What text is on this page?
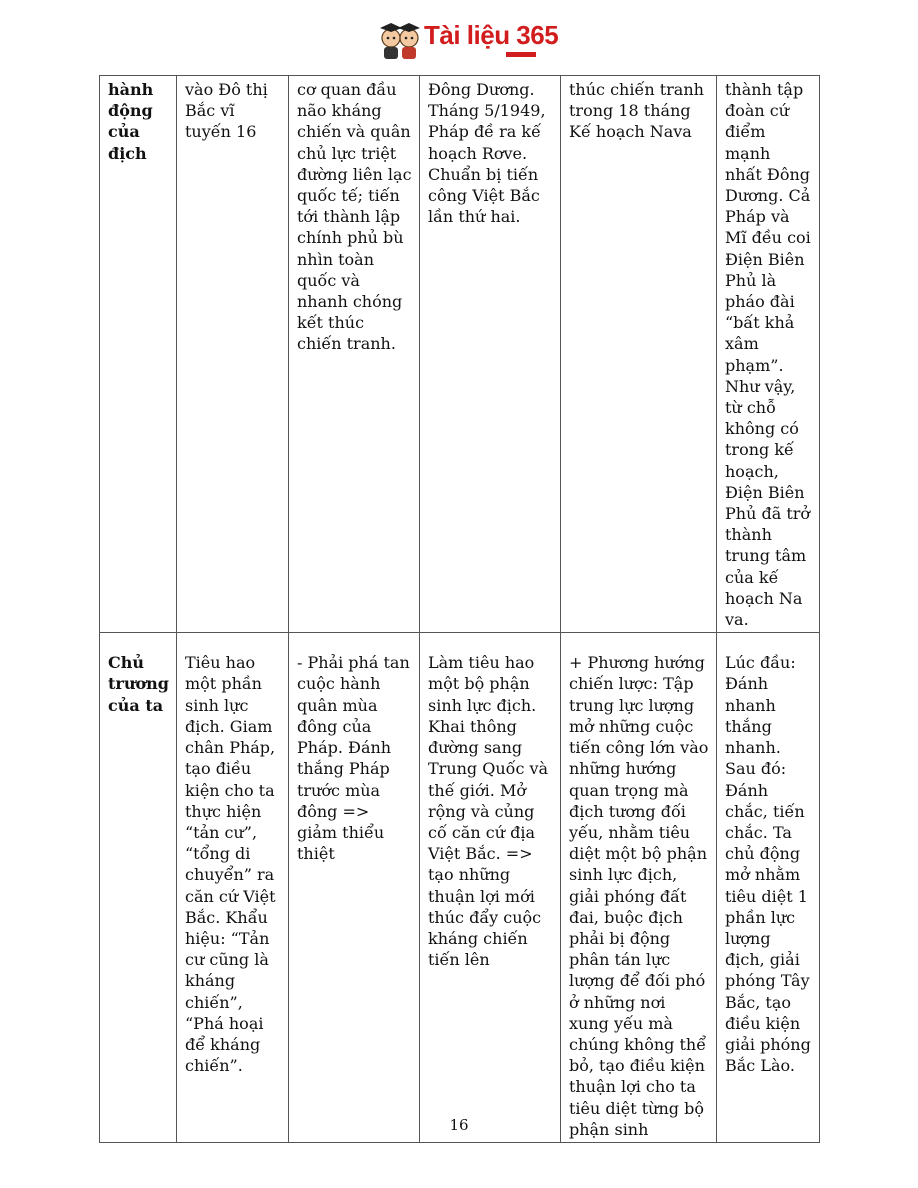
Tài liệu 365
hành động của địch	vào Đô thị Bắc vĩ tuyến 16	cơ quan đầu não kháng chiến và quân chủ lực triệt đường liên lạc quốc tế; tiến tới thành lập chính phủ bù nhìn toàn quốc và nhanh chóng kết thúc chiến tranh.	Đông Dương. Tháng 5/1949, Pháp đề ra kế hoạch Rơve. Chuẩn bị tiến công Việt Bắc lần thứ hai.	thúc chiến tranh trong 18 tháng Kế hoạch Nava	thành tập đoàn cứ điểm mạnh nhất Đông Dương. Cả Pháp và Mĩ đều coi Điện Biên Phủ là pháo đài “bất khả xâm phạm”. Như vậy, từ chỗ không có trong kế hoạch, Điện Biên Phủ đã trở thành trung tâm của kế hoạch Na va.
Chủ trương của ta	Tiêu hao một phần sinh lực địch. Giam chân Pháp, tạo điều kiện cho ta thực hiện “tản cư”, “tổng di chuyển” ra căn cứ Việt Bắc. Khẩu hiệu: “Tản cư cũng là kháng chiến”, “Phá hoại để kháng chiến”.	- Phải phá tan cuộc hành quân mùa đông của Pháp. Đánh thắng Pháp trước mùa đông => giảm thiểu thiệt	Làm tiêu hao một bộ phận sinh lực địch. Khai thông đường sang Trung Quốc và thế giới. Mở rộng và củng cố căn cứ địa Việt Bắc. => tạo những thuận lợi mới thúc đẩy cuộc kháng chiến tiến lên	+ Phương hướng chiến lược: Tập trung lực lượng mở những cuộc tiến công lớn vào những hướng quan trọng mà địch tương đối yếu, nhằm tiêu diệt một bộ phận sinh lực địch, giải phóng đất đai, buộc địch phải bị động phân tán lực lượng để đối phó ở những nơi xung yếu mà chúng không thể bỏ, tạo điều kiện thuận lợi cho ta tiêu diệt từng bộ phận sinh	Lúc đầu: Đánh nhanh thắng nhanh. Sau đó: Đánh chắc, tiến chắc. Ta chủ động mở nhằm tiêu diệt 1 phần lực lượng địch, giải phóng Tây Bắc, tạo điều kiện giải phóng Bắc Lào.
16
